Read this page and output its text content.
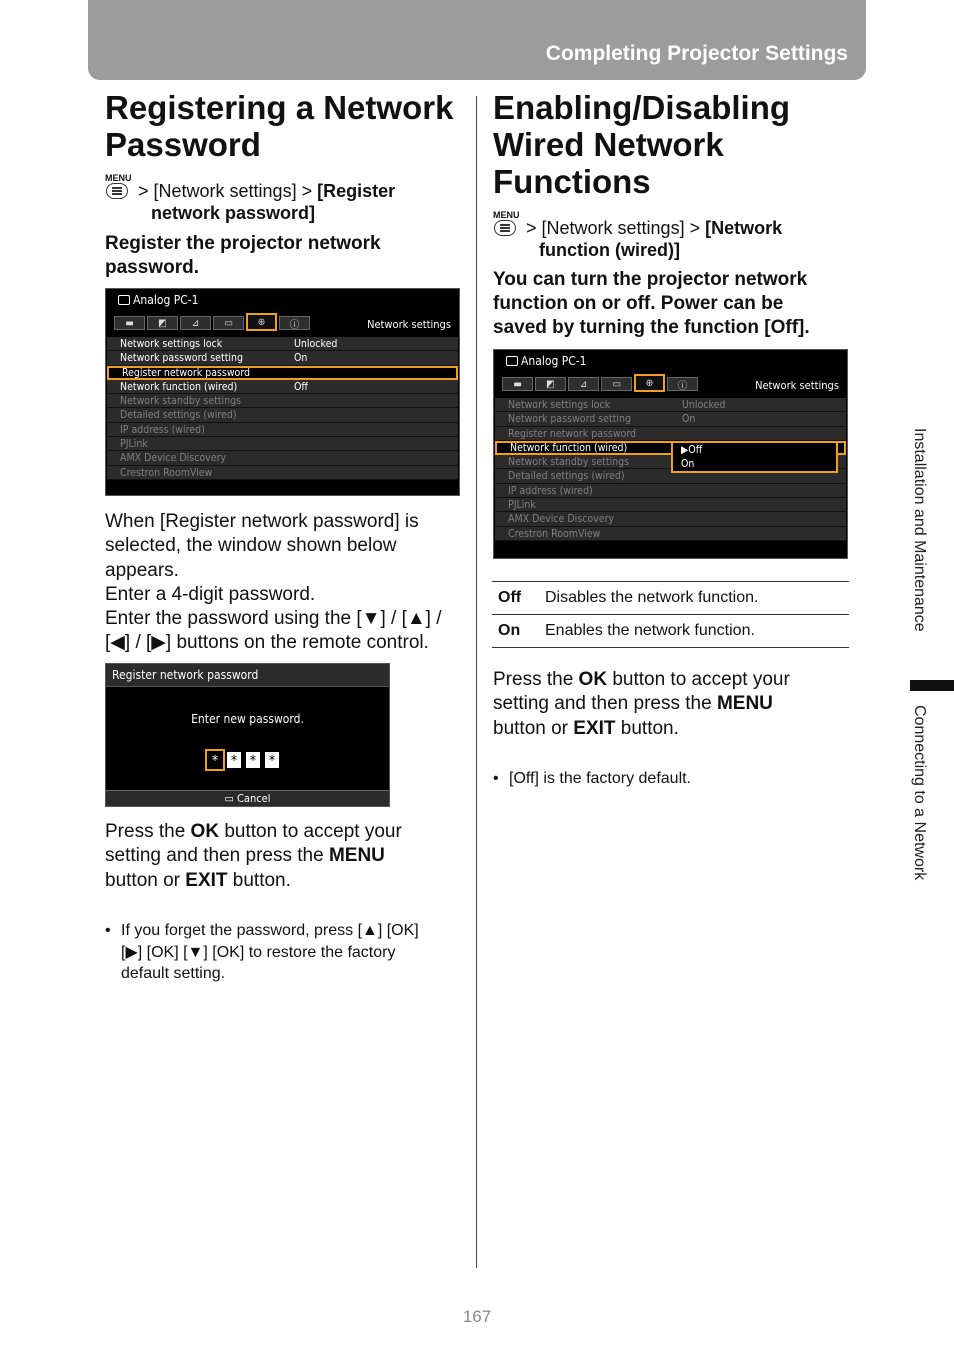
Completing Projector Settings
Registering a Network
Password
MENU
> [Network settings] > [Register
network password]
Register the projector network
password.
Analog PC-1
▬	◩	⊿	▭	⊕	ⓘ	Network settings
Network settings lock	Unlocked
Network password setting	On
Register network password
Network function (wired)	Off
Network standby settings
Detailed settings (wired)
IP address (wired)
PJLink
AMX Device Discovery
Crestron RoomView
When [Register network password] is
selected, the window shown below
appears.
Enter a 4-digit password.
Enter the password using the [▼] / [▲] /
[◀] / [▶] buttons on the remote control.
Register network password
Enter new password.
* * * *
▭ Cancel
Press the OK button to accept your
setting and then press the MENU
button or EXIT button.
• If you forget the password, press [▲] [OK]
[▶] [OK] [▼] [OK] to restore the factory
default setting.
Enabling/Disabling
Wired Network
Functions
MENU
> [Network settings] > [Network
function (wired)]
You can turn the projector network
function on or off. Power can be
saved by turning the function [Off].
Analog PC-1
▬	◩	⊿	▭	⊕	ⓘ	Network settings
Network settings lock	Unlocked
Network password setting	On
Register network password
Network function (wired)
Network standby settings
Detailed settings (wired)
IP address (wired)
PJLink
AMX Device Discovery
Crestron RoomView
▶Off
On
Off	Disables the network function.
On	Enables the network function.
Press the OK button to accept your
setting and then press the MENU
button or EXIT button.
• [Off] is the factory default.
Installation and Maintenance
Connecting to a Network
167
